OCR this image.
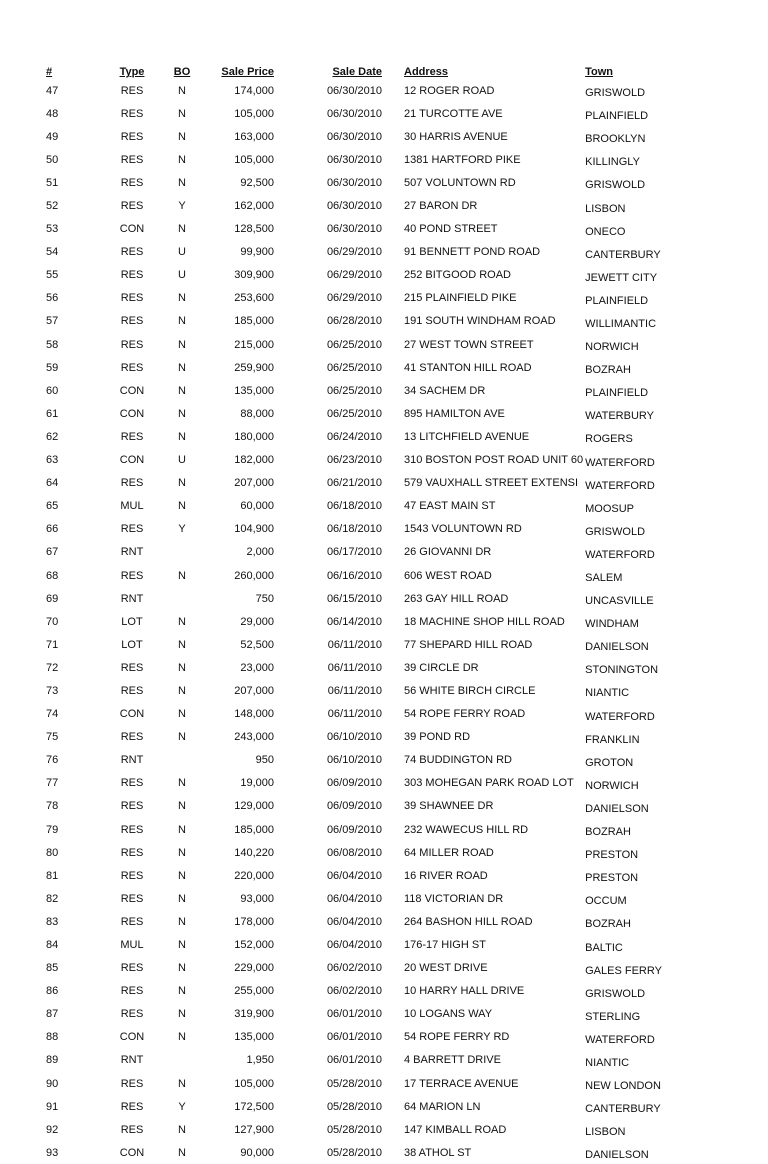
#	Type	BO	Sale Price	Sale Date	Address	Town
47	RES	N	174,000	06/30/2010	12 ROGER ROAD	GRISWOLD
48	RES	N	105,000	06/30/2010	21 TURCOTTE AVE	PLAINFIELD
49	RES	N	163,000	06/30/2010	30 HARRIS AVENUE	BROOKLYN
50	RES	N	105,000	06/30/2010	1381 HARTFORD PIKE	KILLINGLY
51	RES	N	92,500	06/30/2010	507 VOLUNTOWN RD	GRISWOLD
52	RES	Y	162,000	06/30/2010	27 BARON DR	LISBON
53	CON	N	128,500	06/30/2010	40 POND STREET	ONECO
54	RES	U	99,900	06/29/2010	91 BENNETT POND ROAD	CANTERBURY
55	RES	U	309,900	06/29/2010	252 BITGOOD ROAD	JEWETT CITY
56	RES	N	253,600	06/29/2010	215 PLAINFIELD PIKE	PLAINFIELD
57	RES	N	185,000	06/28/2010	191 SOUTH WINDHAM ROAD	WILLIMANTIC
58	RES	N	215,000	06/25/2010	27 WEST TOWN STREET	NORWICH
59	RES	N	259,900	06/25/2010	41 STANTON HILL ROAD	BOZRAH
60	CON	N	135,000	06/25/2010	34 SACHEM DR	PLAINFIELD
61	CON	N	88,000	06/25/2010	895 HAMILTON AVE	WATERBURY
62	RES	N	180,000	06/24/2010	13 LITCHFIELD AVENUE	ROGERS
63	CON	U	182,000	06/23/2010	310 BOSTON POST ROAD UNIT 60	WATERFORD
64	RES	N	207,000	06/21/2010	579 VAUXHALL STREET EXTENSI	WATERFORD
65	MUL	N	60,000	06/18/2010	47 EAST MAIN ST	MOOSUP
66	RES	Y	104,900	06/18/2010	1543 VOLUNTOWN RD	GRISWOLD
67	RNT		2,000	06/17/2010	26 GIOVANNI DR	WATERFORD
68	RES	N	260,000	06/16/2010	606 WEST ROAD	SALEM
69	RNT		750	06/15/2010	263 GAY HILL ROAD	UNCASVILLE
70	LOT	N	29,000	06/14/2010	18 MACHINE SHOP HILL ROAD	WINDHAM
71	LOT	N	52,500	06/11/2010	77 SHEPARD HILL ROAD	DANIELSON
72	RES	N	23,000	06/11/2010	39 CIRCLE DR	STONINGTON
73	RES	N	207,000	06/11/2010	56 WHITE BIRCH CIRCLE	NIANTIC
74	CON	N	148,000	06/11/2010	54 ROPE FERRY ROAD	WATERFORD
75	RES	N	243,000	06/10/2010	39 POND RD	FRANKLIN
76	RNT		950	06/10/2010	74 BUDDINGTON RD	GROTON
77	RES	N	19,000	06/09/2010	303 MOHEGAN PARK ROAD LOT	NORWICH
78	RES	N	129,000	06/09/2010	39 SHAWNEE DR	DANIELSON
79	RES	N	185,000	06/09/2010	232 WAWECUS HILL RD	BOZRAH
80	RES	N	140,220	06/08/2010	64 MILLER ROAD	PRESTON
81	RES	N	220,000	06/04/2010	16 RIVER ROAD	PRESTON
82	RES	N	93,000	06/04/2010	118 VICTORIAN DR	OCCUM
83	RES	N	178,000	06/04/2010	264 BASHON HILL ROAD	BOZRAH
84	MUL	N	152,000	06/04/2010	176-17 HIGH ST	BALTIC
85	RES	N	229,000	06/02/2010	20 WEST DRIVE	GALES FERRY
86	RES	N	255,000	06/02/2010	10 HARRY HALL DRIVE	GRISWOLD
87	RES	N	319,900	06/01/2010	10 LOGANS WAY	STERLING
88	CON	N	135,000	06/01/2010	54 ROPE FERRY RD	WATERFORD
89	RNT		1,950	06/01/2010	4 BARRETT DRIVE	NIANTIC
90	RES	N	105,000	05/28/2010	17 TERRACE AVENUE	NEW LONDON
91	RES	Y	172,500	05/28/2010	64 MARION LN	CANTERBURY
92	RES	N	127,900	05/28/2010	147 KIMBALL ROAD	LISBON
93	CON	N	90,000	05/28/2010	38 ATHOL ST	DANIELSON
